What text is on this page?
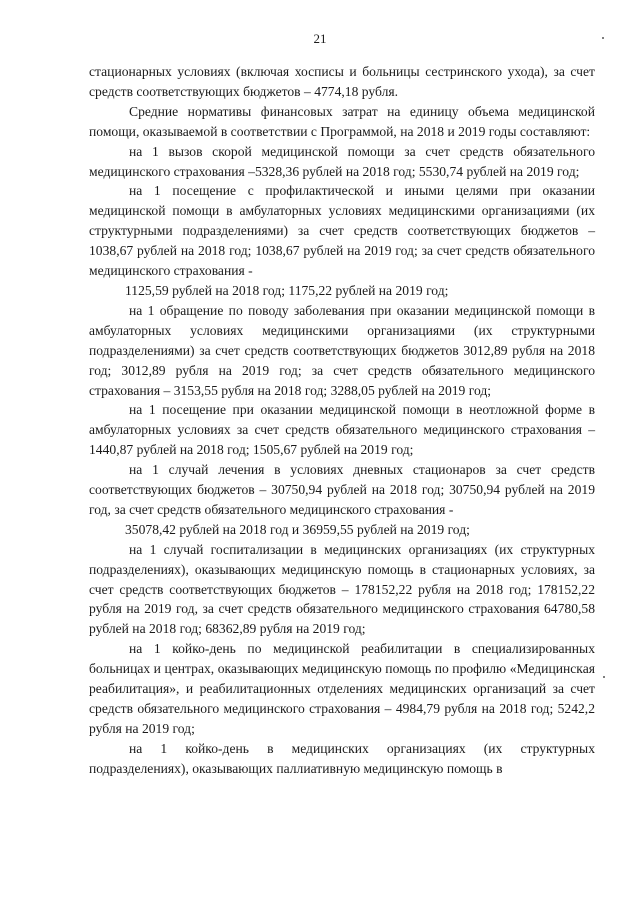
21

стационарных условиях (включая хосписы и больницы сестринского ухода), за счет средств соответствующих бюджетов – 4774,18 рубля.

Средние нормативы финансовых затрат на единицу объема медицинской помощи, оказываемой в соответствии с Программой, на 2018 и 2019 годы составляют:

на 1 вызов скорой медицинской помощи за счет средств обязательного медицинского страхования –5328,36 рублей на 2018 год; 5530,74 рублей на 2019 год;

на 1 посещение с профилактической и иными целями при оказании медицинской помощи в амбулаторных условиях медицинскими организациями (их структурными подразделениями) за счет средств соответствующих бюджетов – 1038,67 рублей на 2018 год; 1038,67 рублей на 2019 год; за счет средств обязательного медицинского страхования -

1125,59 рублей на 2018 год; 1175,22 рублей на 2019 год;

на 1 обращение по поводу заболевания при оказании медицинской помощи в амбулаторных условиях медицинскими организациями (их структурными подразделениями) за счет средств соответствующих бюджетов 3012,89 рубля на 2018 год; 3012,89 рубля на 2019 год; за счет средств обязательного медицинского страхования – 3153,55 рубля на 2018 год; 3288,05 рублей на 2019 год;

на 1 посещение при оказании медицинской помощи в неотложной форме в амбулаторных условиях за счет средств обязательного медицинского страхования – 1440,87 рублей на 2018 год; 1505,67 рублей на 2019 год;

на 1 случай лечения в условиях дневных стационаров за счет средств соответствующих бюджетов – 30750,94 рублей на 2018 год; 30750,94 рублей на 2019 год, за счет средств обязательного медицинского страхования -

35078,42 рублей на 2018 год и 36959,55 рублей на 2019 год;

на 1 случай госпитализации в медицинских организациях (их структурных подразделениях), оказывающих медицинскую помощь в стационарных условиях, за счет средств соответствующих бюджетов – 178152,22 рубля на 2018 год; 178152,22 рубля на 2019 год, за счет средств обязательного медицинского страхования 64780,58 рублей на 2018 год; 68362,89 рубля на 2019 год;

на 1 койко-день по медицинской реабилитации в специализированных больницах и центрах, оказывающих медицинскую помощь по профилю «Медицинская реабилитация», и реабилитационных отделениях медицинских организаций за счет средств обязательного медицинского страхования – 4984,79 рубля на 2018 год; 5242,2 рубля на 2019 год;

на 1 койко-день в медицинских организациях (их структурных подразделениях), оказывающих паллиативную медицинскую помощь в
